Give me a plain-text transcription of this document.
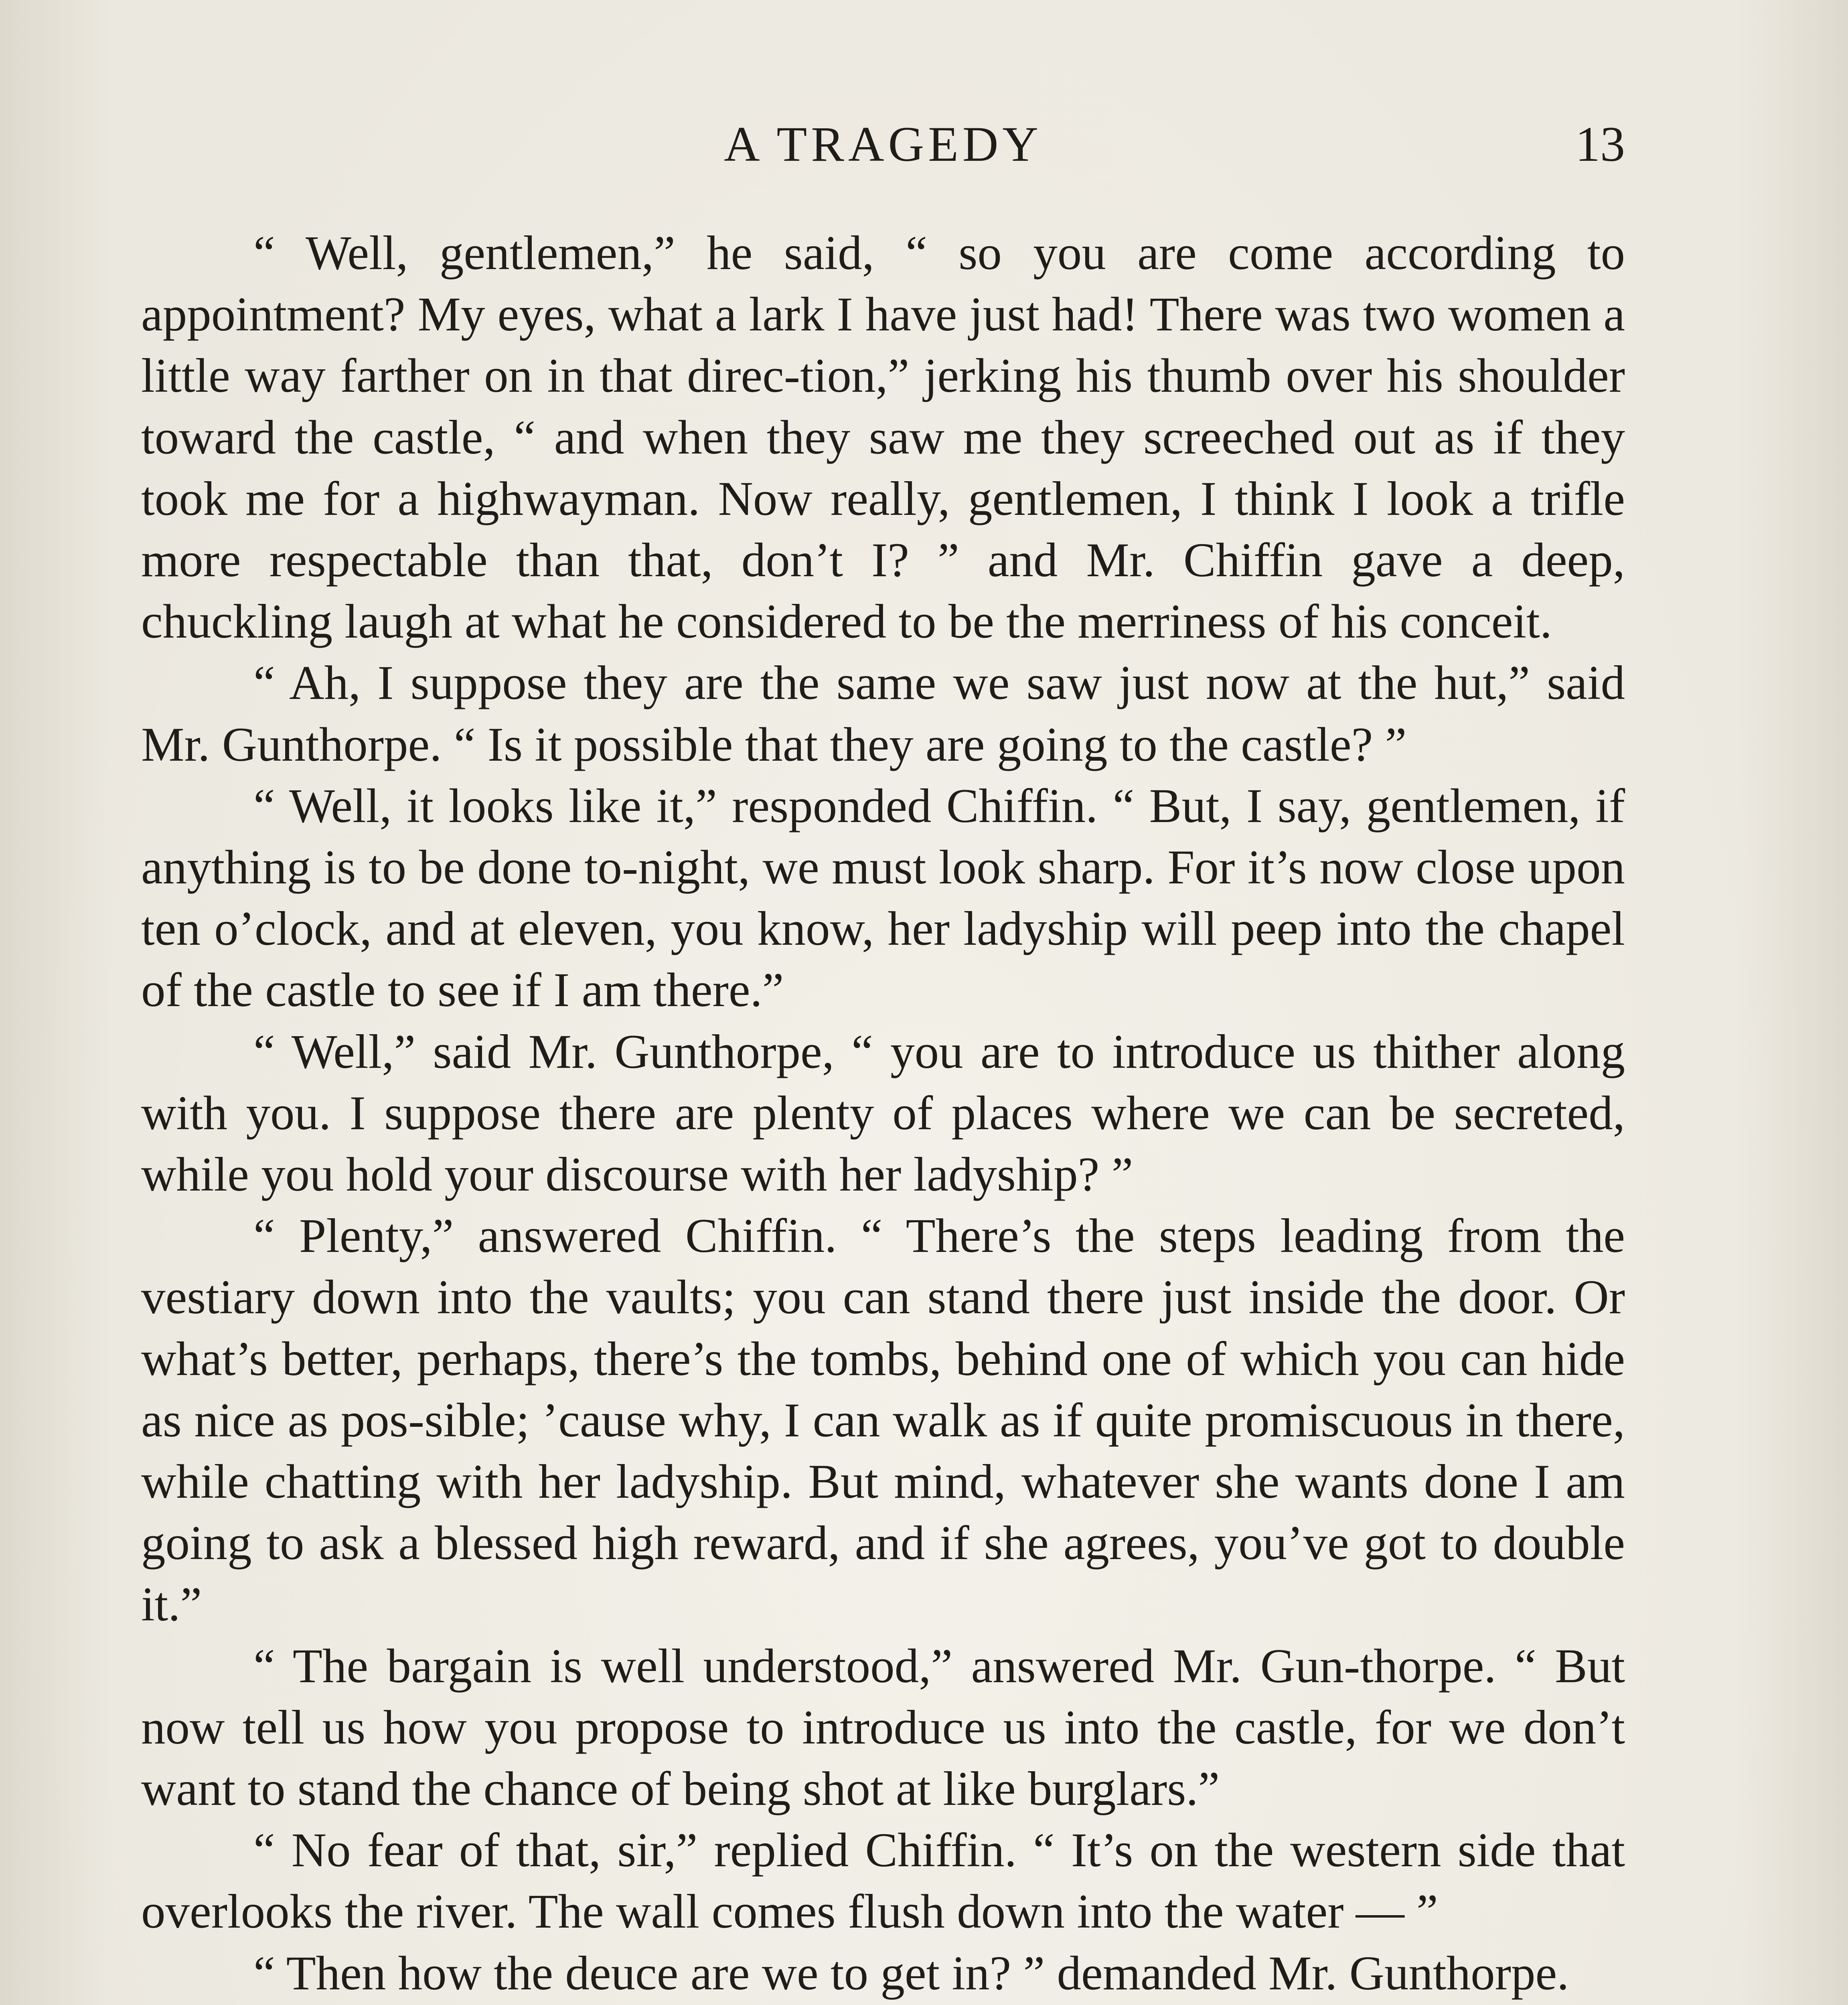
A TRAGEDY	13

“ Well, gentlemen,” he said, “ so you are come according to appointment? My eyes, what a lark I have just had! There was two women a little way farther on in that direc-tion,” jerking his thumb over his shoulder toward the castle, “ and when they saw me they screeched out as if they took me for a highwayman. Now really, gentlemen, I think I look a trifle more respectable than that, don’t I? ” and Mr. Chiffin gave a deep, chuckling laugh at what he considered to be the merriness of his conceit.

“ Ah, I suppose they are the same we saw just now at the hut,” said Mr. Gunthorpe. “ Is it possible that they are going to the castle? ”

“ Well, it looks like it,” responded Chiffin. “ But, I say, gentlemen, if anything is to be done to-night, we must look sharp. For it’s now close upon ten o’clock, and at eleven, you know, her ladyship will peep into the chapel of the castle to see if I am there.”

“ Well,” said Mr. Gunthorpe, “ you are to introduce us thither along with you. I suppose there are plenty of places where we can be secreted, while you hold your discourse with her ladyship? ”

“ Plenty,” answered Chiffin. “ There’s the steps leading from the vestiary down into the vaults; you can stand there just inside the door. Or what’s better, perhaps, there’s the tombs, behind one of which you can hide as nice as pos-sible; ’cause why, I can walk as if quite promiscuous in there, while chatting with her ladyship. But mind, whatever she wants done I am going to ask a blessed high reward, and if she agrees, you’ve got to double it.”

“ The bargain is well understood,” answered Mr. Gun-thorpe. “ But now tell us how you propose to introduce us into the castle, for we don’t want to stand the chance of being shot at like burglars.”

“ No fear of that, sir,” replied Chiffin. “ It’s on the western side that overlooks the river. The wall comes flush down into the water — ”

“ Then how the deuce are we to get in? ” demanded Mr. Gunthorpe.
